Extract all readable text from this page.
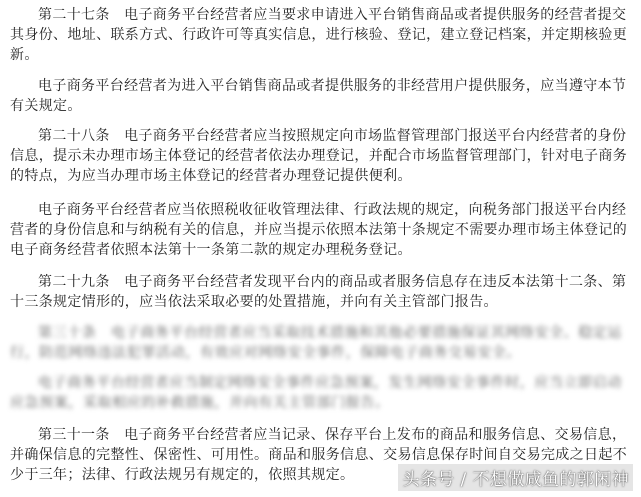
第二十七条　电子商务平台经营者应当要求申请进入平台销售商品或者提供服务的经营者提交
其身份、地址、联系方式、行政许可等真实信息，进行核验、登记，建立登记档案，并定期核验更
新。
电子商务平台经营者为进入平台销售商品或者提供服务的非经营用户提供服务，应当遵守本节
有关规定。
第二十八条　电子商务平台经营者应当按照规定向市场监督管理部门报送平台内经营者的身份
信息，提示未办理市场主体登记的经营者依法办理登记，并配合市场监督管理部门，针对电子商务
的特点，为应当办理市场主体登记的经营者办理登记提供便利。
电子商务平台经营者应当依照税收征收管理法律、行政法规的规定，向税务部门报送平台内经
营者的身份信息和与纳税有关的信息，并应当提示依照本法第十条规定不需要办理市场主体登记的
电子商务经营者依照本法第十一条第二款的规定办理税务登记。
第二十九条　电子商务平台经营者发现平台内的商品或者服务信息存在违反本法第十二条、第
十三条规定情形的，应当依法采取必要的处置措施，并向有关主管部门报告。
第三十条　电子商务平台经营者应当采取技术措施和其他必要措施保证其网络安全、稳定运
行，防范网络违法犯罪活动，有效应对网络安全事件，保障电子商务交易安全。
电子商务平台经营者应当制定网络安全事件应急预案，发生网络安全事件时，应当立即启动
应急预案，采取相应的补救措施，并向有关主管部门报告。
第三十一条　电子商务平台经营者应当记录、保存平台上发布的商品和服务信息、交易信息，
并确保信息的完整性、保密性、可用性。商品和服务信息、交易信息保存时间自交易完成之日起不
少于三年；法律、行政法规另有规定的，依照其规定。	头条号 / 不想做咸鱼的郭闲神
